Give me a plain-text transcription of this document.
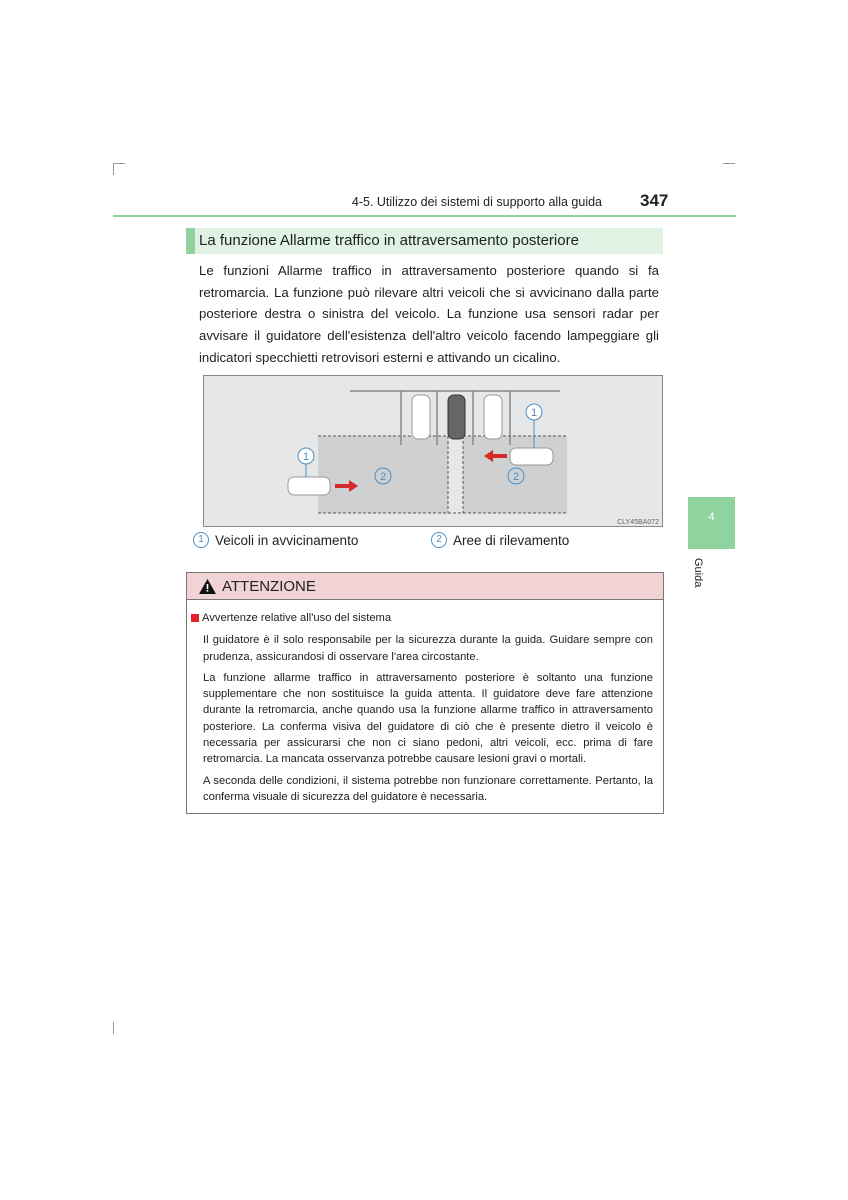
4-5. Utilizzo dei sistemi di supporto alla guida 347
La funzione Allarme traffico in attraversamento posteriore
Le funzioni Allarme traffico in attraversamento posteriore quando si fa retromarcia. La funzione può rilevare altri veicoli che si avvicinano dalla parte posteriore destra o sinistra del veicolo. La funzione usa sensori radar per avvisare il guidatore dell'esistenza dell'altro veicolo facendo lampeggiare gli indicatori specchietti retrovisori esterni e attivando un cicalino.
1
1
2	2
CLY45BA072
1 Veicoli in avvicinamento	2 Aree di rilevamento
4
Guida
ATTENZIONE
Avvertenze relative all'uso del sistema

Il guidatore è il solo responsabile per la sicurezza durante la guida. Guidare sempre con prudenza, assicurandosi di osservare l'area circostante.

La funzione allarme traffico in attraversamento posteriore è soltanto una funzione supplementare che non sostituisce la guida attenta. Il guidatore deve fare attenzione durante la retromarcia, anche quando usa la funzione allarme traffico in attraversamento posteriore. La conferma visiva del guidatore di ciò che è presente dietro il veicolo è necessaria per assicurarsi che non ci siano pedoni, altri veicoli, ecc. prima di fare retromarcia. La mancata osservanza potrebbe causare lesioni gravi o mortali.

A seconda delle condizioni, il sistema potrebbe non funzionare correttamente. Pertanto, la conferma visuale di sicurezza del guidatore è necessaria.
